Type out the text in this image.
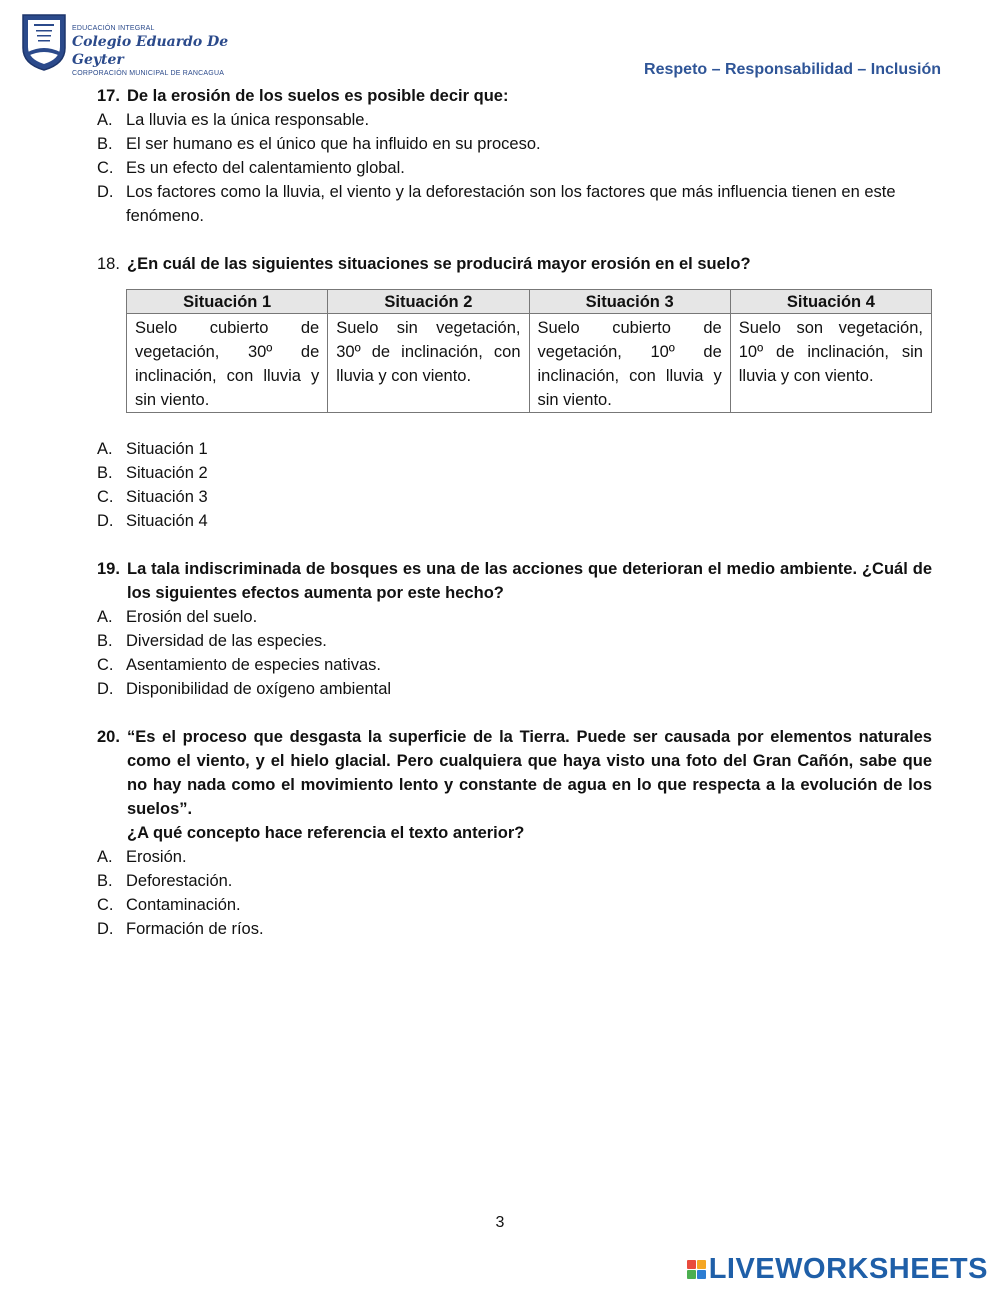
EDUCACIÓN INTEGRAL
Colegio Eduardo De Geyter
CORPORACIÓN MUNICIPAL DE RANCAGUA	Respeto – Responsabilidad – Inclusión
17. De la erosión de los suelos es posible decir que:
A. La lluvia es la única responsable.
B. El ser humano es el único que ha influido en su proceso.
C. Es un efecto del calentamiento global.
D. Los factores como la lluvia, el viento y la deforestación son los factores que más influencia tienen en este fenómeno.
18. ¿En cuál de las siguientes situaciones se producirá mayor erosión en el suelo?
Situación 1	Situación 2	Situación 3	Situación 4
Suelo cubierto de vegetación, 30º de inclinación, con lluvia y sin viento.	Suelo sin vegetación, 30º de inclinación, con lluvia y con viento.	Suelo cubierto de vegetación, 10º de inclinación, con lluvia y sin viento.	Suelo son vegetación, 10º de inclinación, sin lluvia y con viento.
A. Situación 1
B. Situación 2
C. Situación 3
D. Situación 4
19. La tala indiscriminada de bosques es una de las acciones que deterioran el medio ambiente. ¿Cuál de los siguientes efectos aumenta por este hecho?
A. Erosión del suelo.
B. Diversidad de las especies.
C. Asentamiento de especies nativas.
D. Disponibilidad de oxígeno ambiental
20. “Es el proceso que desgasta la superficie de la Tierra. Puede ser causada por elementos naturales como el viento, y el hielo glacial. Pero cualquiera que haya visto una foto del Gran Cañón, sabe que no hay nada como el movimiento lento y constante de agua en lo que respecta a la evolución de los suelos”.
¿A qué concepto hace referencia el texto anterior?
A. Erosión.
B. Deforestación.
C. Contaminación.
D. Formación de ríos.
3
LIVEWORKSHEETS
